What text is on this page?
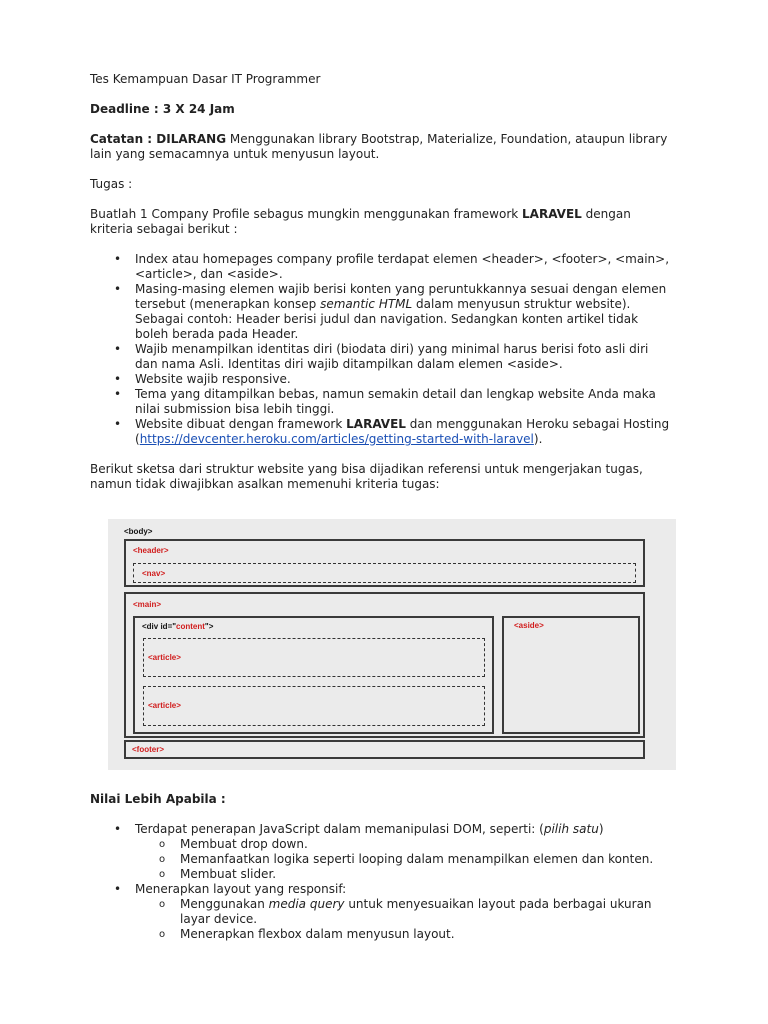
Tes Kemampuan Dasar IT Programmer

Deadline : 3 X 24 Jam

Catatan : DILARANG Menggunakan library Bootstrap, Materialize, Foundation, ataupun library

lain yang semacamnya untuk menyusun layout.

Tugas :

Buatlah 1 Company Profile sebagus mungkin menggunakan framework LARAVEL dengan

kriteria sebagai berikut :

• Index atau homepages company profile terdapat elemen <header>, <footer>, <main>,
<article>, dan <aside>.
• Masing-masing elemen wajib berisi konten yang peruntukkannya sesuai dengan elemen
tersebut (menerapkan konsep semantic HTML dalam menyusun struktur website).
Sebagai contoh: Header berisi judul dan navigation. Sedangkan konten artikel tidak
boleh berada pada Header.
• Wajib menampilkan identitas diri (biodata diri) yang minimal harus berisi foto asli diri
dan nama Asli. Identitas diri wajib ditampilkan dalam elemen <aside>.
• Website wajib responsive.
• Tema yang ditampilkan bebas, namun semakin detail dan lengkap website Anda maka
nilai submission bisa lebih tinggi.
• Website dibuat dengan framework LARAVEL dan menggunakan Heroku sebagai Hosting
(https://devcenter.heroku.com/articles/getting-started-with-laravel).

Berikut sketsa dari struktur website yang bisa dijadikan referensi untuk mengerjakan tugas,

namun tidak diwajibkan asalkan memenuhi kriteria tugas:

<body>
<header>
<nav>
<main>
<div id="content">
<article>
<article>
<aside>
<footer>

Nilai Lebih Apabila :

• Terdapat penerapan JavaScript dalam memanipulasi DOM, seperti: (pilih satu)
o Membuat drop down.
o Memanfaatkan logika seperti looping dalam menampilkan elemen dan konten.
o Membuat slider.
• Menerapkan layout yang responsif:
o Menggunakan media query untuk menyesuaikan layout pada berbagai ukuran
layar device.
o Menerapkan flexbox dalam menyusun layout.
